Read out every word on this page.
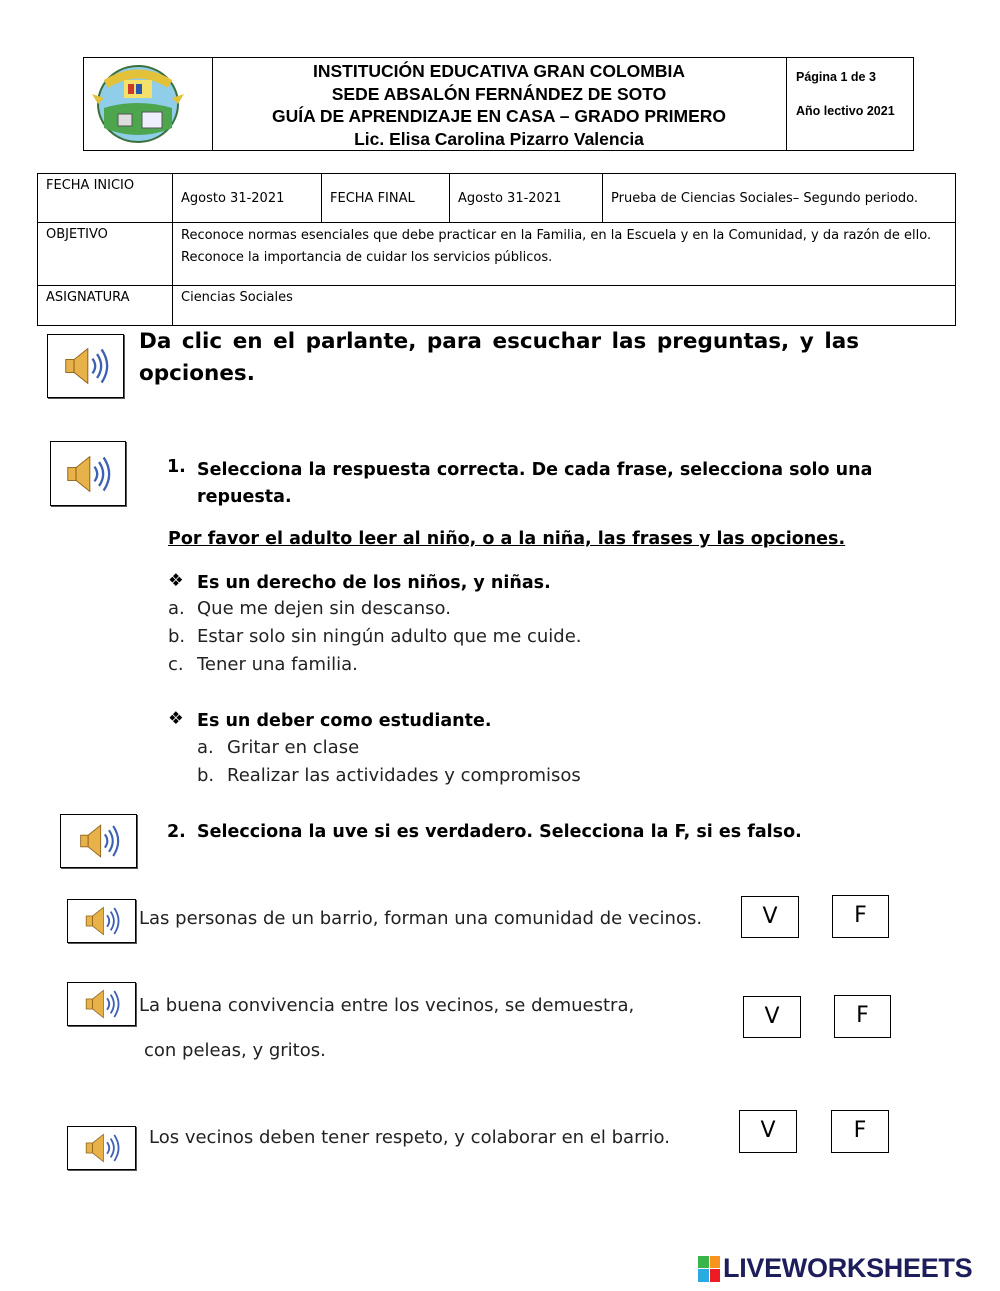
INSTITUCIÓN EDUCATIVA GRAN COLOMBIA
SEDE ABSALÓN FERNÁNDEZ DE SOTO
GUÍA DE APRENDIZAJE EN CASA – GRADO PRIMERO
Lic. Elisa Carolina Pizarro Valencia
Página 1 de 3
Año lectivo 2021
FECHA INICIO	Agosto 31-2021	FECHA FINAL	Agosto 31-2021	Prueba de Ciencias Sociales– Segundo periodo.
OBJETIVO	Reconoce normas esenciales que debe practicar en la Familia, en la Escuela y en la Comunidad, y da razón de ello.
Reconoce la importancia de cuidar los servicios públicos.			

ASIGNATURA	Ciencias Sociales			
Da clic en el parlante, para escuchar las preguntas, y las opciones.
1. Selecciona la respuesta correcta. De cada frase, selecciona solo una
repuesta.
Por favor el adulto leer al niño, o a la niña, las frases y las opciones.
❖ Es un derecho de los niños, y niñas.
a. Que me dejen sin descanso.
b. Estar solo sin ningún adulto que me cuide.
c. Tener una familia.
❖ Es un deber como estudiante.
a. Gritar en clase
b. Realizar las actividades y compromisos
2. Selecciona la uve si es verdadero. Selecciona la F, si es falso.
Las personas de un barrio, forman una comunidad de vecinos.	V	F
La buena convivencia entre los vecinos, se demuestra,
con peleas, y gritos.
V	F
Los vecinos deben tener respeto, y colaborar en el barrio.	V	F
LIVEWORKSHEETS
